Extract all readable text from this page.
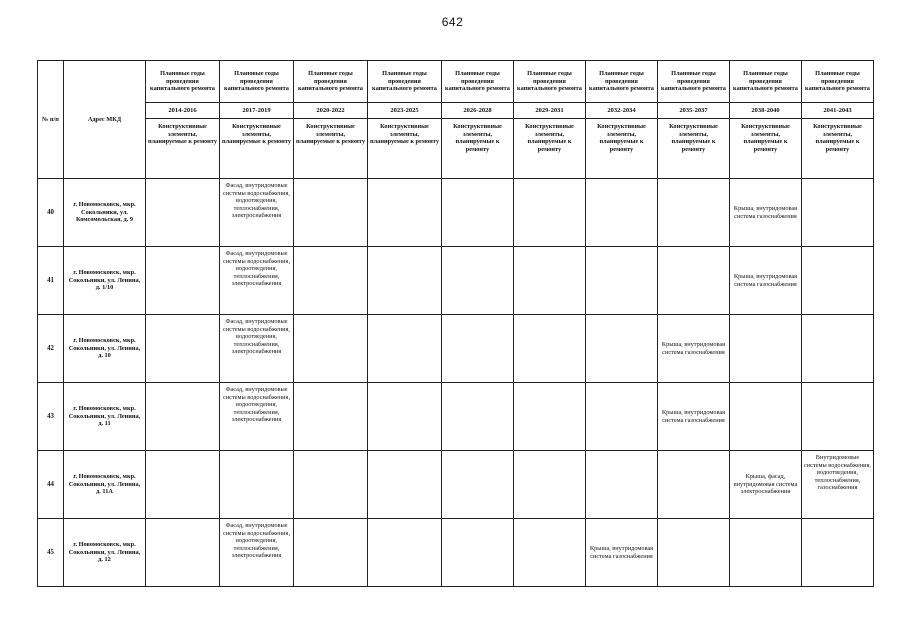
642
№ п/п	Адрес МКД	Плановые годы проведения капитального ремонта	Плановые годы проведения капитального ремонта	Плановые годы проведения капитального ремонта	Плановые годы проведения капитального ремонта	Плановые годы проведения капитального ремонта	Плановые годы проведения капитального ремонта	Плановые годы проведения капитального ремонта	Плановые годы проведения капитального ремонта	Плановые годы проведения капитального ремонта	Плановые годы проведения капитального ремонта
		2014-2016	2017-2019	2020-2022	2023-2025	2026-2028	2029-2031	2032-2034	2035-2037	2038-2040	2041-2043
		Конструктивные элементы, планируемые к ремонту	Конструктивные элементы, планируемые к ремонту	Конструктивные элементы, планируемые к ремонту	Конструктивные элементы, планируемые к ремонту	Конструктивные элементы, планируемые к ремонту	Конструктивные элементы, планируемые к ремонту	Конструктивные элементы, планируемые к ремонту	Конструктивные элементы, планируемые к ремонту	Конструктивные элементы, планируемые к ремонту	Конструктивные элементы, планируемые к ремонту
40	г. Новомосковск, мкр. Сокольники, ул. Комсомольская, д. 9		Фасад, внутридомовые системы водоснабжения, водоотведения, теплоснабжения, электроснабжения							Крыша, внутридомовая система газоснабжения	
41	г. Новомосковск, мкр. Сокольники, ул. Ленина, д. 1/10		Фасад, внутридомовые системы водоснабжения, водоотведения, теплоснабжения, электроснабжения							Крыша, внутридомовая система газоснабжения	
42	г. Новомосковск, мкр. Сокольники, ул. Ленина, д. 10		Фасад, внутридомовые системы водоснабжения, водоотведения, теплоснабжения, электроснабжения						Крыша, внутридомовая система газоснабжения		
43	г. Новомосковск, мкр. Сокольники, ул. Ленина, д. 11		Фасад, внутридомовые системы водоснабжения, водоотведения, теплоснабжения, электроснабжения						Крыша, внутридомовая система газоснабжения		
44	г. Новомосковск, мкр. Сокольники, ул. Ленина, д. 11А									Крыша, фасад, внутридомовая система электроснабжения	Внутридомовые системы водоснабжения, водоотведения, теплоснабжения, газоснабжения
45	г. Новомосковск, мкр. Сокольники, ул. Ленина, д. 12		Фасад, внутридомовые системы водоснабжения, водоотведения, теплоснабжения, электроснабжения					Крыша, внутридомовая система газоснабжения			
